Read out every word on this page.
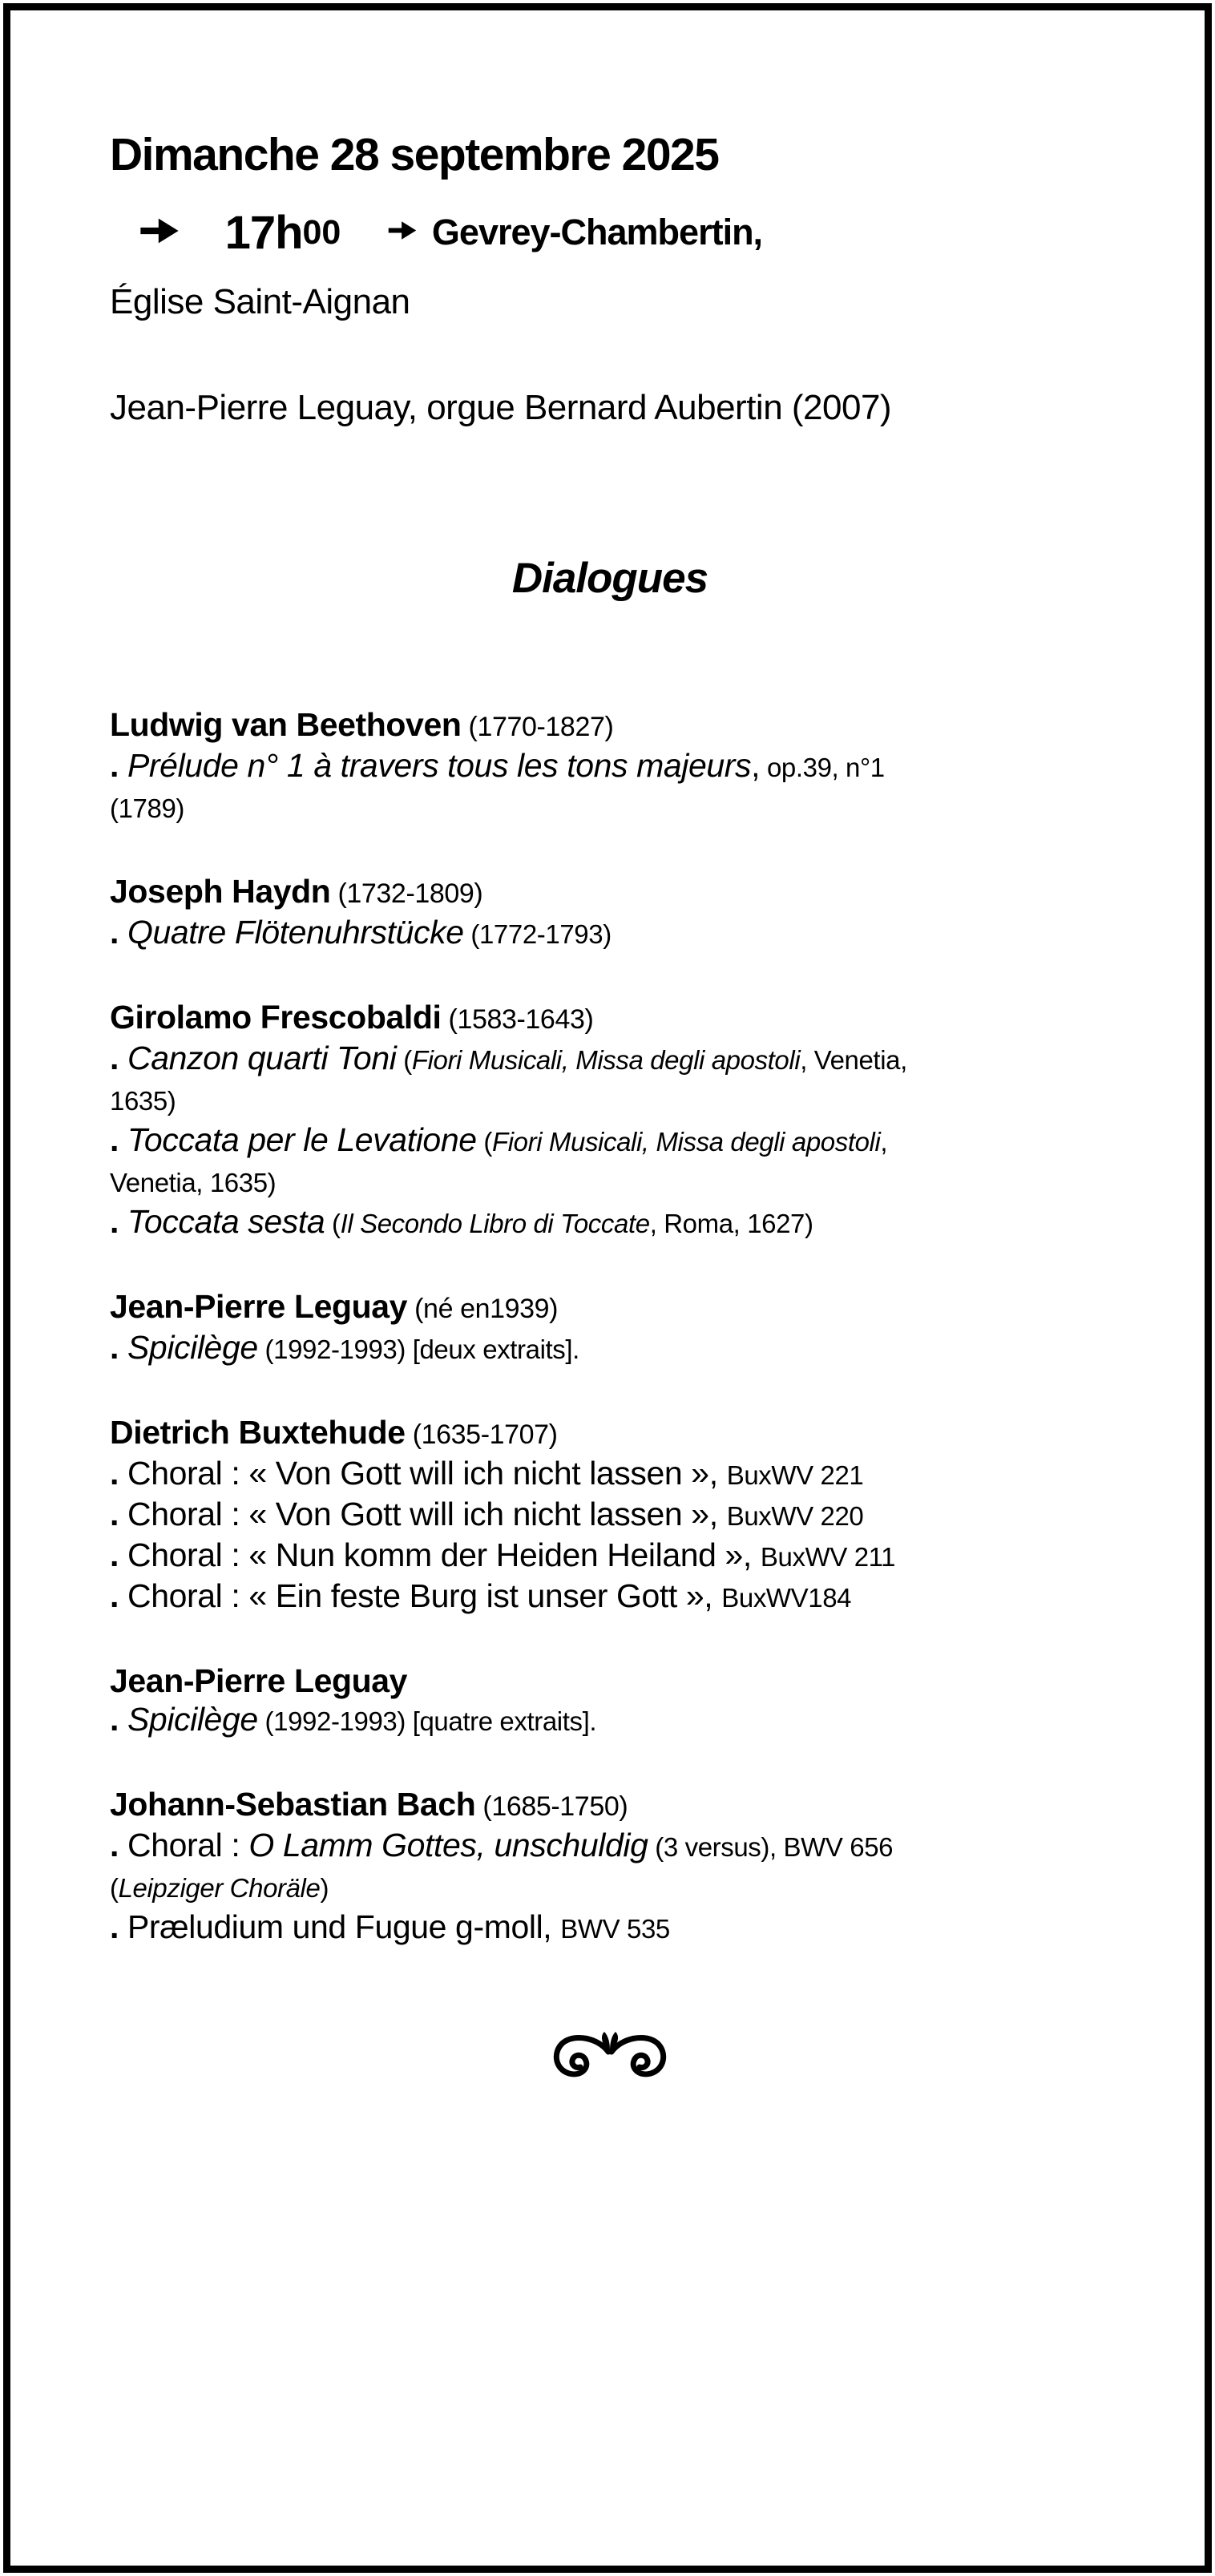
Dimanche 28 septembre 2025

17h 00

	Gevrey-Chambertin,
Église Saint-Aignan
Jean-Pierre Leguay, orgue Bernard Aubertin (2007)
Dialogues
Ludwig van Beethoven (1770-1827)
. Prélude n° 1 à travers tous les tons majeurs, op.39, n°1
(1789)
Joseph Haydn (1732-1809)
. Quatre Flötenuhrstücke (1772-1793)
Girolamo Frescobaldi (1583-1643)
. Canzon quarti Toni (Fiori Musicali, Missa degli apostoli, Venetia,
1635)
. Toccata per le Levatione (Fiori Musicali, Missa degli apostoli,
Venetia, 1635)
. Toccata sesta (Il Secondo Libro di Toccate, Roma, 1627)
Jean-Pierre Leguay (né en1939)
. Spicilège (1992-1993) [deux extraits].
Dietrich Buxtehude (1635-1707)
. Choral : « Von Gott will ich nicht lassen », BuxWV 221
. Choral : « Von Gott will ich nicht lassen », BuxWV 220
. Choral : « Nun komm der Heiden Heiland », BuxWV 211
. Choral : « Ein feste Burg ist unser Gott », BuxWV184
Jean-Pierre Leguay
. Spicilège (1992-1993) [quatre extraits].
Johann-Sebastian Bach (1685-1750)
. Choral : O Lamm Gottes, unschuldig (3 versus), BWV 656
(Leipziger Choräle)
. Præludium und Fugue g-moll, BWV 535
